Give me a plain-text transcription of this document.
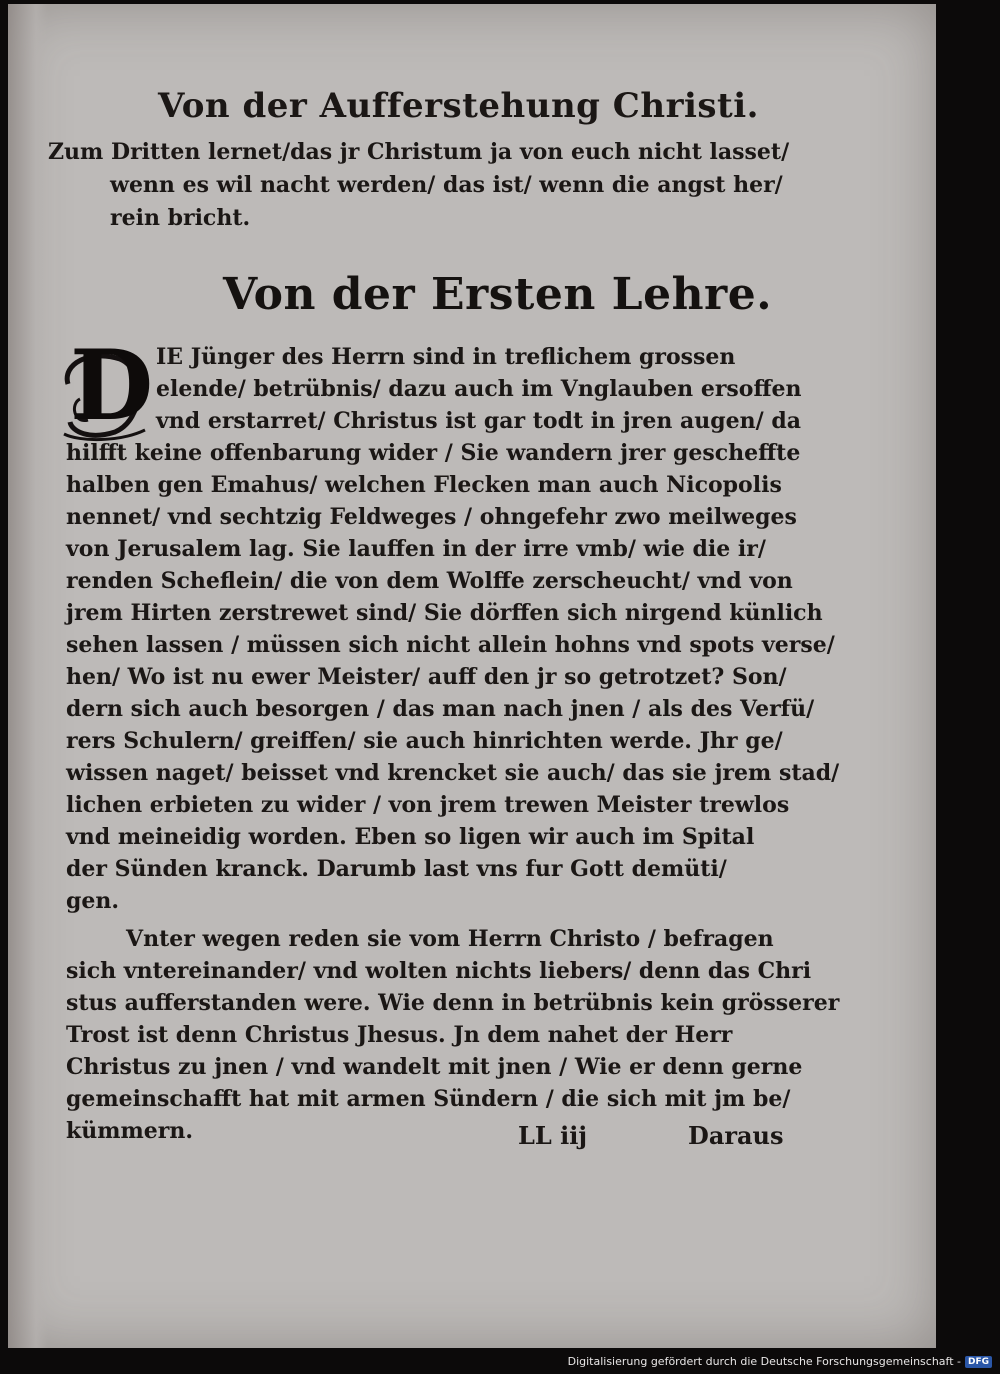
Von der Aufferstehung Christi.
Zum Dritten lernet/das jr Christum ja von euch nicht lasset/
wenn es wil nacht werden/ das ist/ wenn die angst her/
rein bricht.
Von der Ersten Lehre.
D IE Jünger des Herrn sind in treflichem grossen
elende/ betrübnis/ dazu auch im Vnglauben ersoffen
vnd erstarret/ Christus ist gar todt in jren augen/ da
hilfft keine offenbarung wider / Sie wandern jrer gescheffte
halben gen Emahus/ welchen Flecken man auch Nicopolis
nennet/ vnd sechtzig Feldweges / ohngefehr zwo meilweges
von Jerusalem lag. Sie lauffen in der irre vmb/ wie die ir/
renden Scheflein/ die von dem Wolffe zerscheucht/ vnd von
jrem Hirten zerstrewet sind/ Sie dörffen sich nirgend künlich
sehen lassen / müssen sich nicht allein hohns vnd spots verse/
hen/ Wo ist nu ewer Meister/ auff den jr so getrotzet? Son/
dern sich auch besorgen / das man nach jnen / als des Verfü/
rers Schulern/ greiffen/ sie auch hinrichten werde. Jhr ge/
wissen naget/ beisset vnd krencket sie auch/ das sie jrem stad/
lichen erbieten zu wider / von jrem trewen Meister trewlos
vnd meineidig worden. Eben so ligen wir auch im Spital
der Sünden kranck. Darumb last vns fur Gott demüti/
gen.
Vnter wegen reden sie vom Herrn Christo / befragen
sich vntereinander/ vnd wolten nichts liebers/ denn das Chri
stus aufferstanden were. Wie denn in betrübnis kein grösserer
Trost ist denn Christus Jhesus. Jn dem nahet der Herr
Christus zu jnen / vnd wandelt mit jnen / Wie er denn gerne
gemeinschafft hat mit armen Sündern / die sich mit jm be/
kümmern.	LL iij	Daraus
Digitalisierung gefördert durch die Deutsche Forschungsgemeinschaft - DFG
